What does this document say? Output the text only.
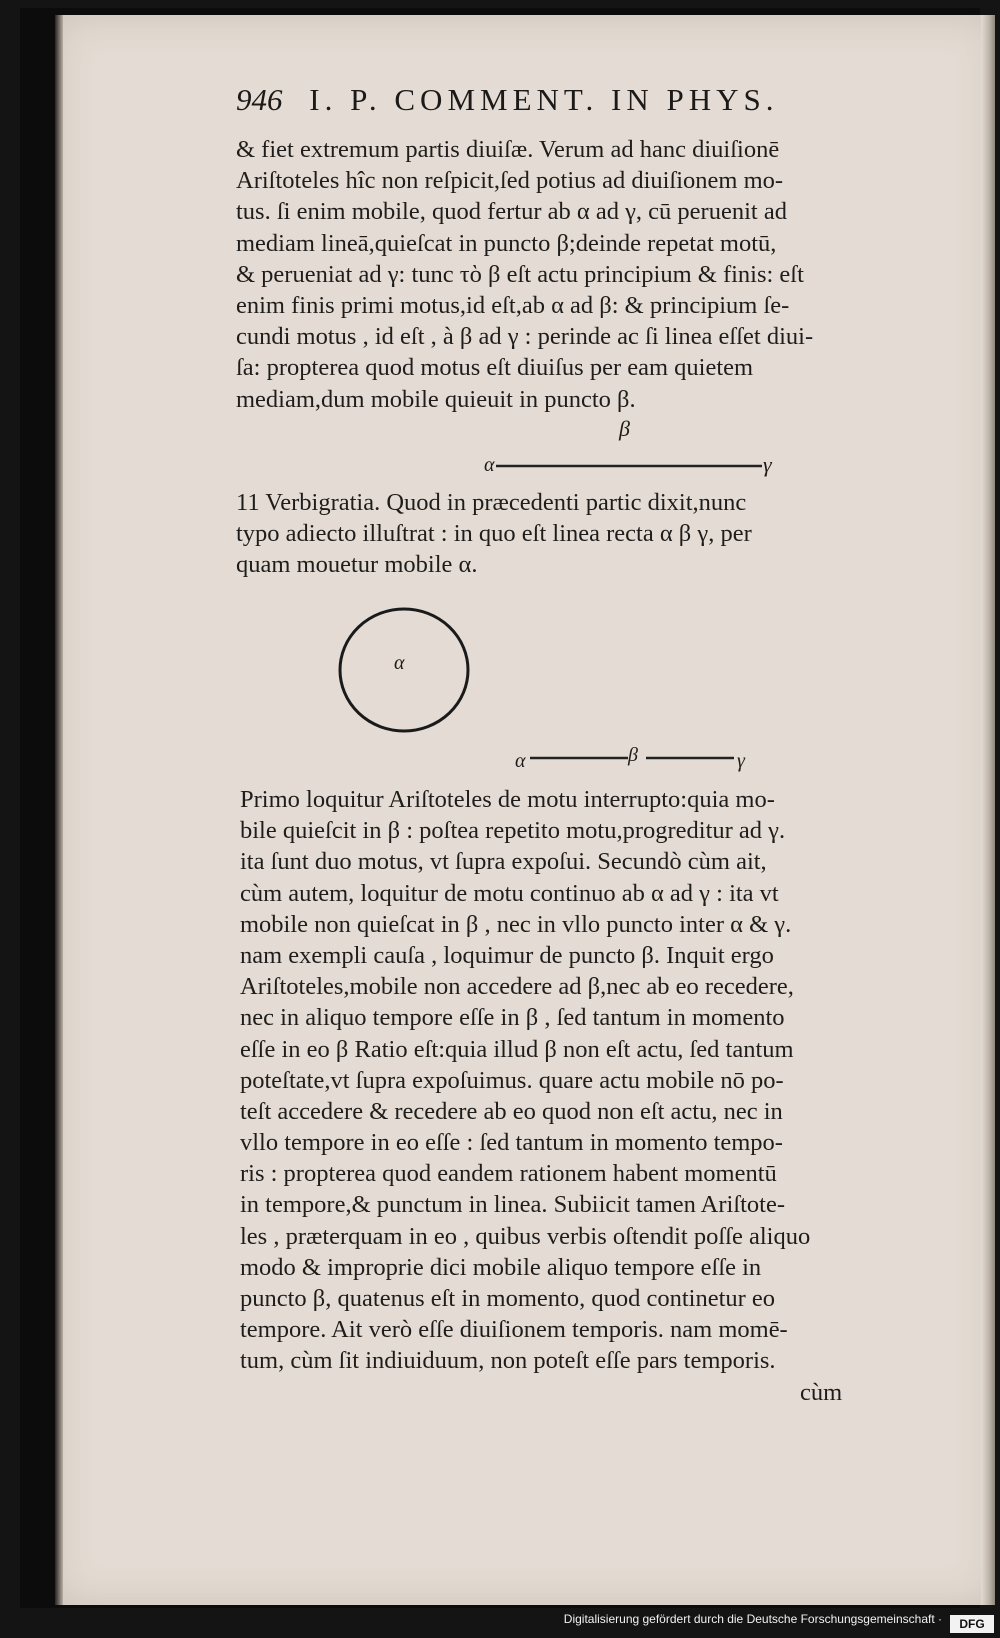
946 I. P. COMMENT. IN PHYS.
& fiet extremum partis diuiſæ. Verum ad hanc diuiſionē
Ariſtoteles hîc non reſpicit,ſed potius ad diuiſionem mo-
tus. ſi enim mobile, quod fertur ab α ad γ, cū peruenit ad
mediam lineā,quieſcat in puncto β;deinde repetat motū,
& perueniat ad γ: tunc τὸ β eſt actu principium & finis: eſt
enim finis primi motus,id eſt,ab α ad β: & principium ſe-
cundi motus , id eſt , à β ad γ : perinde ac ſi linea eſſet diui-
ſa: propterea quod motus eſt diuiſus per eam quietem
mediam,dum mobile quieuit in puncto β.
β
α	γ
11 Verbigratia. Quod in præcedenti partic dixit,nunc
typo adiecto illuſtrat : in quo eſt linea recta α β γ, per
quam mouetur mobile α.
α
α	β	γ
Primo loquitur Ariſtoteles de motu interrupto:quia mo-
bile quieſcit in β : poſtea repetito motu,progreditur ad γ.
ita ſunt duo motus, vt ſupra expoſui. Secundò cùm ait,
cùm autem, loquitur de motu continuo ab α ad γ : ita vt
mobile non quieſcat in β , nec in vllo puncto inter α & γ.
nam exempli cauſa , loquimur de puncto β. Inquit ergo
Ariſtoteles,mobile non accedere ad β,nec ab eo recedere,
nec in aliquo tempore eſſe in β , ſed tantum in momento
eſſe in eo β Ratio eſt:quia illud β non eſt actu, ſed tantum
poteſtate,vt ſupra expoſuimus. quare actu mobile nō po-
teſt accedere & recedere ab eo quod non eſt actu, nec in
vllo tempore in eo eſſe : ſed tantum in momento tempo-
ris : propterea quod eandem rationem habent momentū
in tempore,& punctum in linea. Subiicit tamen Ariſtote-
les , præterquam in eo , quibus verbis oſtendit poſſe aliquo
modo & improprie dici mobile aliquo tempore eſſe in
puncto β, quatenus eſt in momento, quod continetur eo
tempore. Ait verò eſſe diuiſionem temporis. nam momē-
tum, cùm ſit indiuiduum, non poteſt eſſe pars temporis.
cùm
Digitalisierung gefördert durch die Deutsche Forschungsgemeinschaft ·	DFG
